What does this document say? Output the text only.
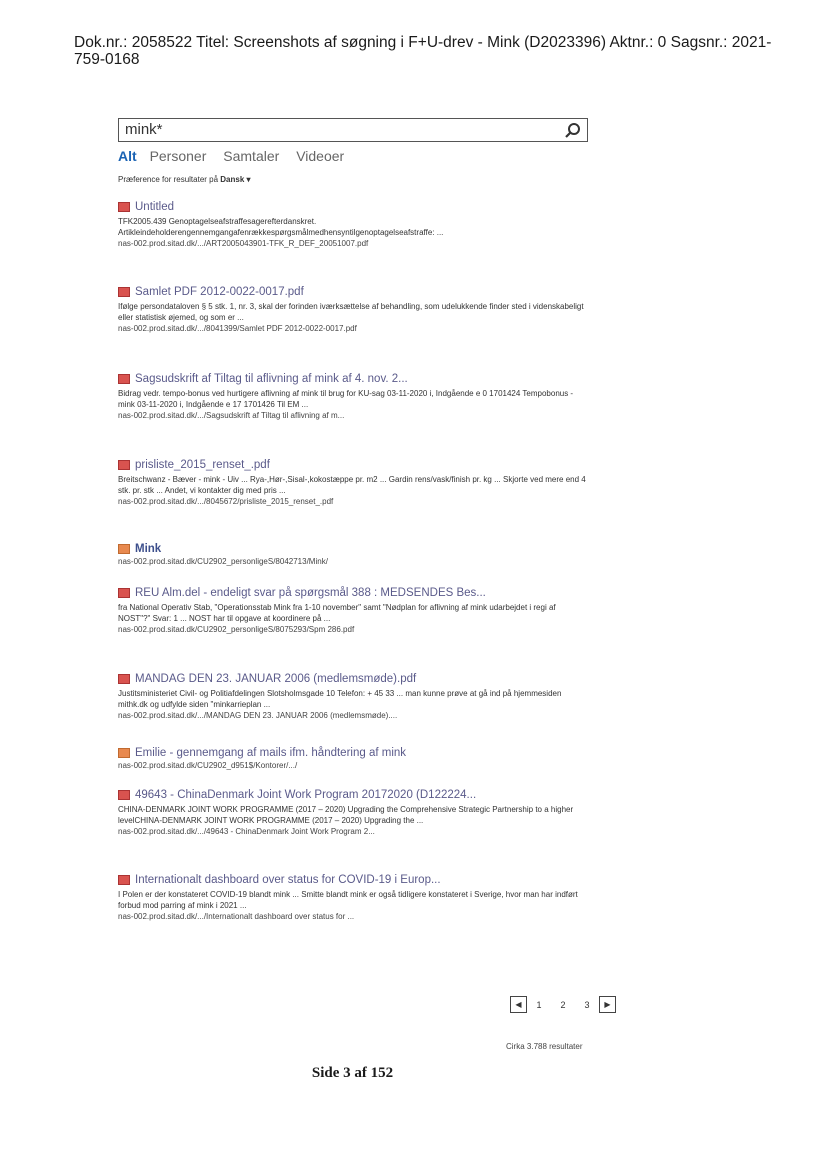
Dok.nr.: 2058522 Titel: Screenshots af søgning i F+U-drev - Mink (D2023396) Aktnr.: 0 Sagsnr.: 2021-759-0168
mink*
Alt Personer Samtaler Videoer
Præference for resultater på Dansk ▾
Untitled
TFK2005.439 Genoptagelseafstraffesagerefterdanskret. Artikleindeholderengennemgangafenrækkespørgsmålmedhensyntilgenoptagelseafstraffe: ...
nas-002.prod.sitad.dk/.../ART2005043901-TFK_R_DEF_20051007.pdf
Samlet PDF 2012-0022-0017.pdf
Ifølge persondataloven § 5 stk. 1, nr. 3, skal der forinden iværksættelse af behandling, som udelukkende finder sted i videnskabeligt eller statistisk øjemed, og som er ...
nas-002.prod.sitad.dk/.../8041399/Samlet PDF 2012-0022-0017.pdf
Sagsudskrift af Tiltag til aflivning af mink af 4. nov. 2...
Bidrag vedr. tempo-bonus ved hurtigere aflivning af mink til brug for KU-sag 03-11-2020 i, Indgående e 0 1701424 Tempobonus - mink 03-11-2020 i, Indgående e 17 1701426 Til EM ...
nas-002.prod.sitad.dk/.../Sagsudskrift af Tiltag til aflivning af m...
prisliste_2015_renset_.pdf
Breitschwanz - Bæver - mink - Uiv ... Rya-,Hør-,Sisal-,kokostæppe pr. m2 ... Gardin rens/vask/finish pr. kg ... Skjorte ved mere end 4 stk. pr. stk ... Andet, vi kontakter dig med pris ...
nas-002.prod.sitad.dk/.../8045672/prisliste_2015_renset_.pdf
Mink
nas-002.prod.sitad.dk/CU2902_personligeS/8042713/Mink/
REU Alm.del - endeligt svar på spørgsmål 388 : MEDSENDES Bes...
fra National Operativ Stab, "Operationsstab Mink fra 1-10 november" samt "Nødplan for aflivning af mink udarbejdet i regi af NOST"?" Svar: 1 ... NOST har til opgave at koordinere på ...
nas-002.prod.sitad.dk/CU2902_personligeS/8075293/Spm 286.pdf
MANDAG DEN 23. JANUAR 2006 (medlemsmøde).pdf
Justitsministeriet Civil- og Politiafdelingen Slotsholmsgade 10 Telefon: + 45 33 ... man kunne prøve at gå ind på hjemmesiden mithk.dk og udfylde siden "minkarrieplan ...
nas-002.prod.sitad.dk/.../MANDAG DEN 23. JANUAR 2006 (medlemsmøde)....
Emilie - gennemgang af mails ifm. håndtering af mink
nas-002.prod.sitad.dk/CU2902_d951$/Kontorer/.../
49643 - ChinaDenmark Joint Work Program 20172020 (D122224...
CHINA-DENMARK JOINT WORK PROGRAMME (2017 – 2020) Upgrading the Comprehensive Strategic Partnership to a higher levelCHINA-DENMARK JOINT WORK PROGRAMME (2017 – 2020) Upgrading the ...
nas-002.prod.sitad.dk/.../49643 - ChinaDenmark Joint Work Program 2...
Internationalt dashboard over status for COVID-19 i Europ...
I Polen er der konstateret COVID-19 blandt mink ... Smitte blandt mink er også tidligere konstateret i Sverige, hvor man har indført forbud mod parring af mink i 2021 ...
nas-002.prod.sitad.dk/.../Internationalt dashboard over status for ...
◀	1	2	3	▶
Cirka 3.788 resultater
Side 3 af 152
